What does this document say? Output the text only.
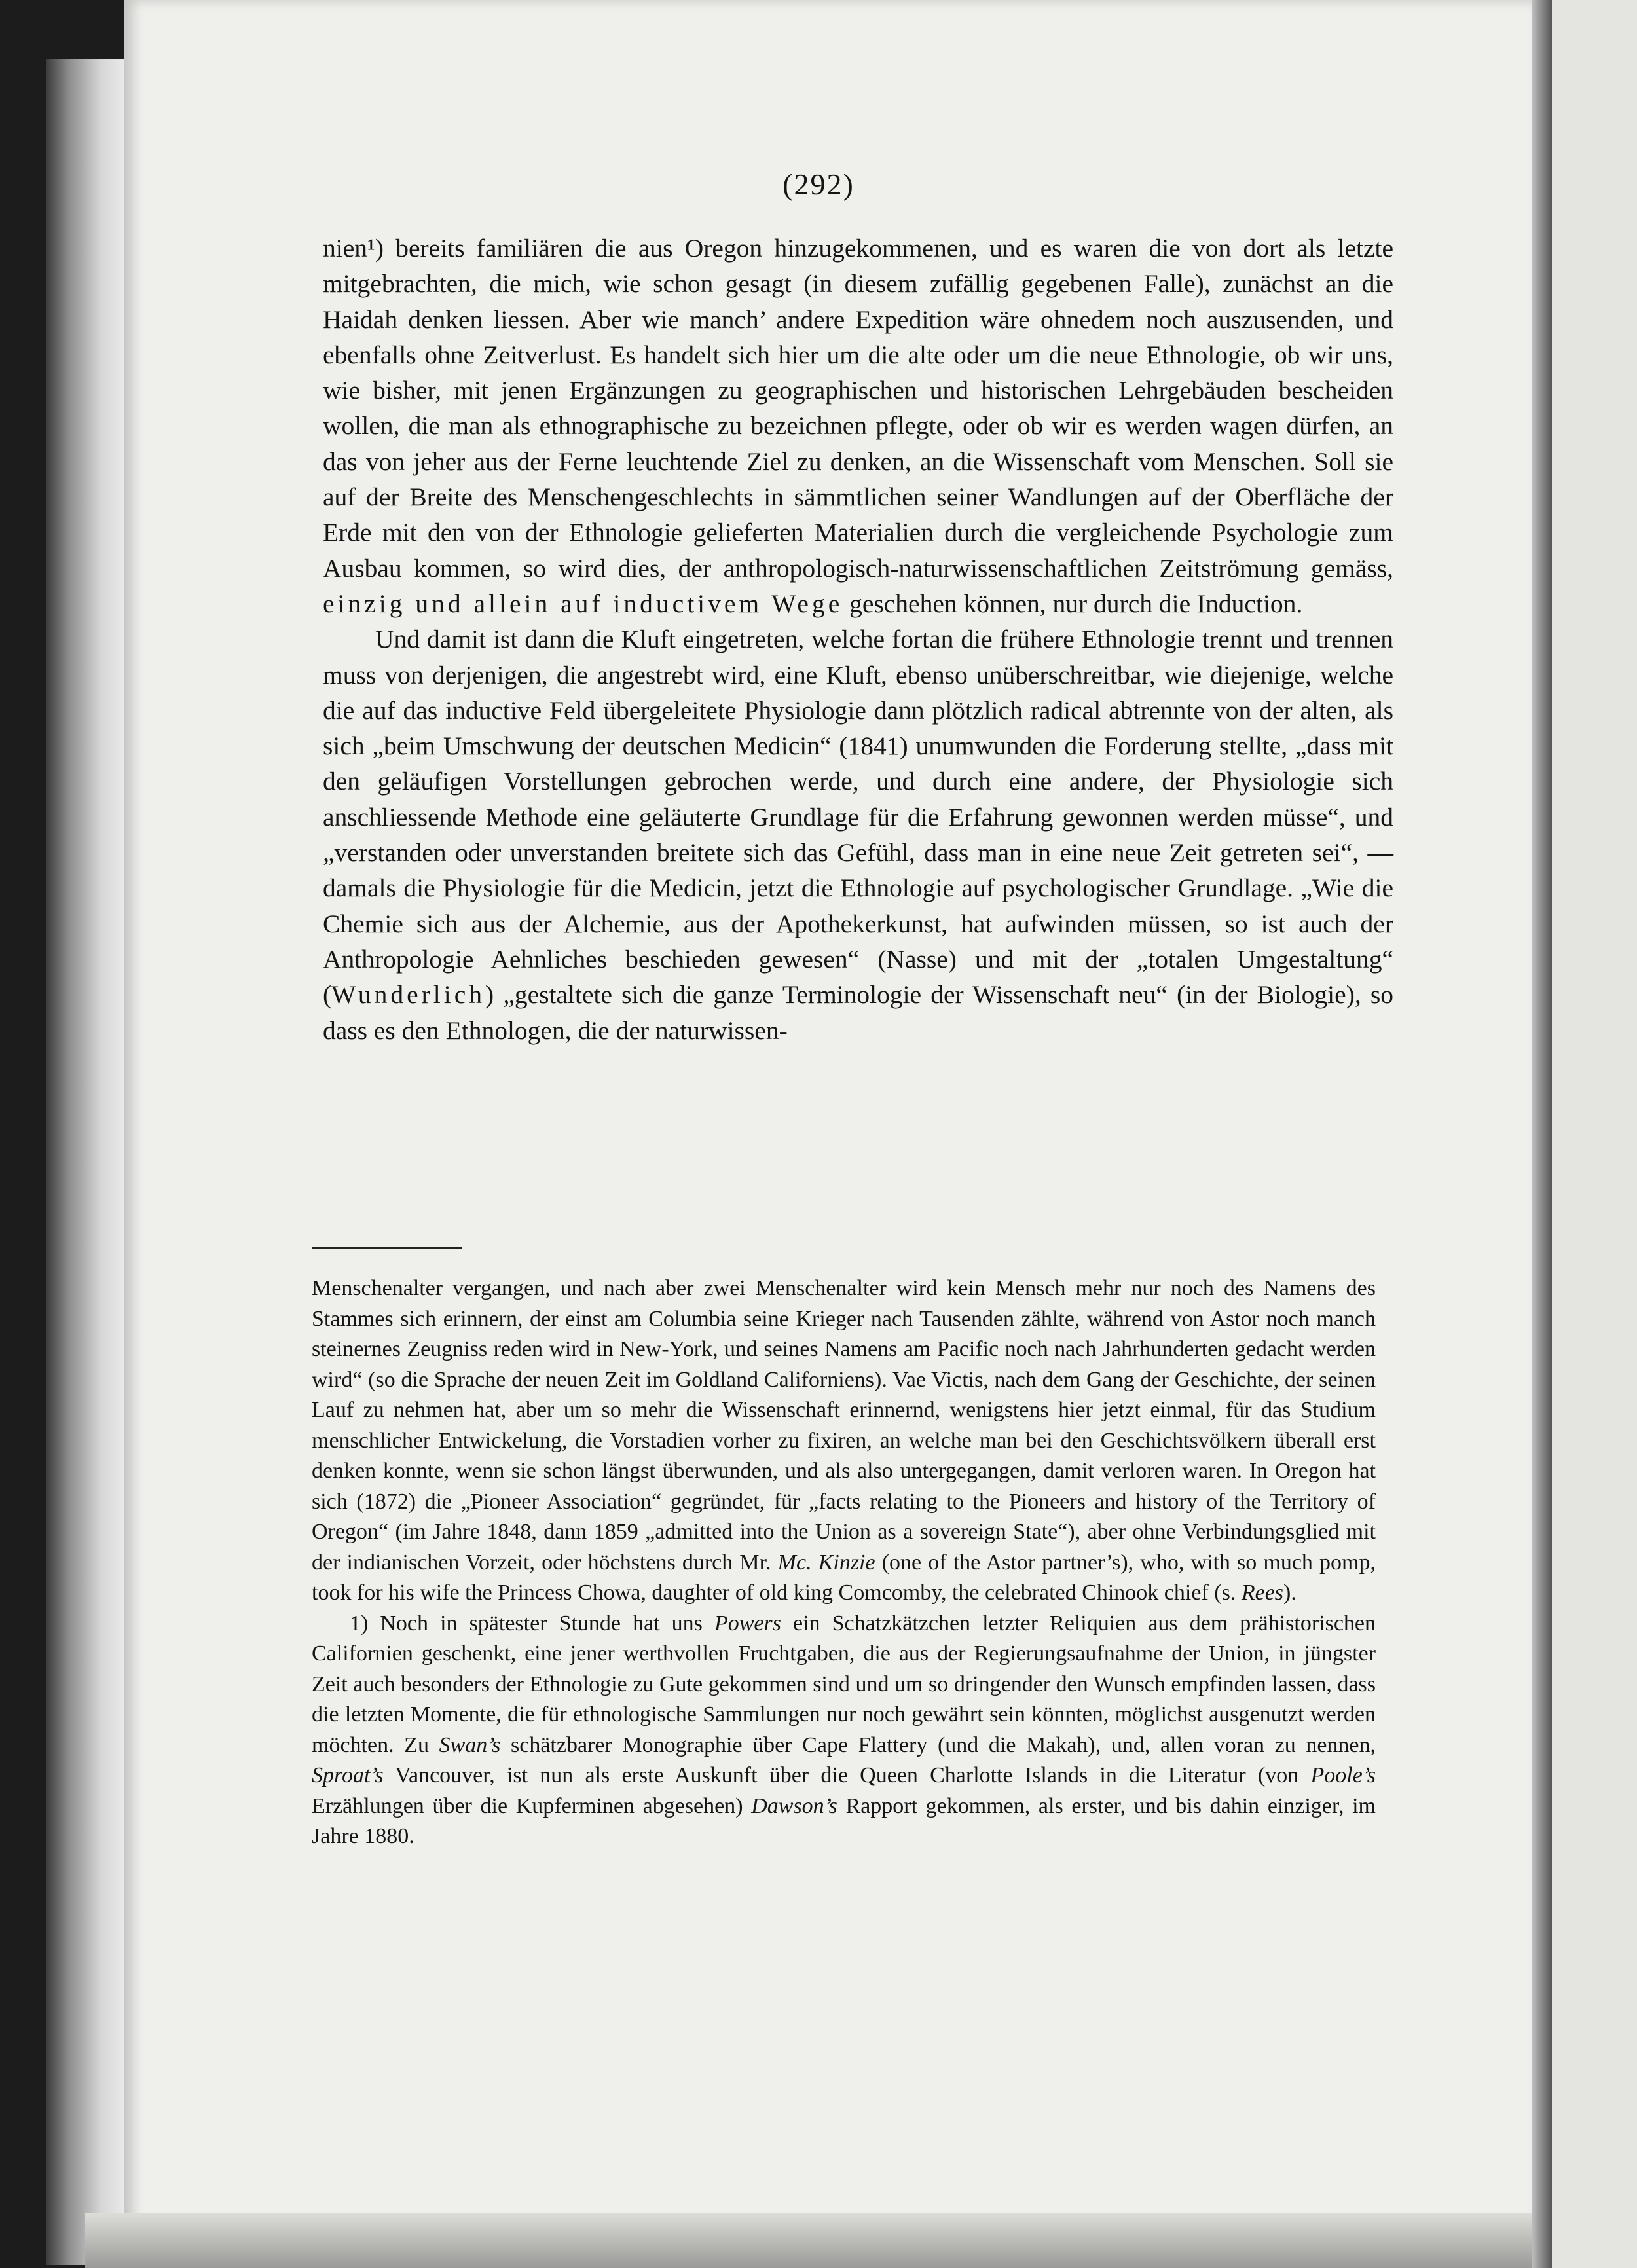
(292)

nien¹) bereits familiären die aus Oregon hinzugekommenen, und es waren die von dort als letzte mitgebrachten, die mich, wie schon gesagt (in diesem zufällig gegebenen Falle), zunächst an die Haidah denken liessen. Aber wie manch’ andere Expedition wäre ohnedem noch auszusenden, und ebenfalls ohne Zeitverlust. Es handelt sich hier um die alte oder um die neue Ethnologie, ob wir uns, wie bisher, mit jenen Ergänzungen zu geographischen und historischen Lehrgebäuden bescheiden wollen, die man als ethnographische zu bezeichnen pflegte, oder ob wir es werden wagen dürfen, an das von jeher aus der Ferne leuchtende Ziel zu denken, an die Wissenschaft vom Menschen. Soll sie auf der Breite des Menschengeschlechts in sämmtlichen seiner Wandlungen auf der Oberfläche der Erde mit den von der Ethnologie gelieferten Materialien durch die vergleichende Psychologie zum Ausbau kommen, so wird dies, der anthropologisch-naturwissenschaftlichen Zeitströmung gemäss, einzig und allein auf inductivem Wege geschehen können, nur durch die Induction.

Und damit ist dann die Kluft eingetreten, welche fortan die frühere Ethnologie trennt und trennen muss von derjenigen, die angestrebt wird, eine Kluft, ebenso unüberschreitbar, wie diejenige, welche die auf das inductive Feld übergeleitete Physiologie dann plötzlich radical abtrennte von der alten, als sich „beim Umschwung der deutschen Medicin“ (1841) unumwunden die Forderung stellte, „dass mit den geläufigen Vorstellungen gebrochen werde, und durch eine andere, der Physiologie sich anschliessende Methode eine geläuterte Grundlage für die Erfahrung gewonnen werden müsse“, und „verstanden oder unverstanden breitete sich das Gefühl, dass man in eine neue Zeit getreten sei“, — damals die Physiologie für die Medicin, jetzt die Ethnologie auf psychologischer Grundlage. „Wie die Chemie sich aus der Alchemie, aus der Apothekerkunst, hat aufwinden müssen, so ist auch der Anthropologie Aehnliches beschieden gewesen“ (Nasse) und mit der „totalen Umgestaltung“ (Wunderlich) „gestaltete sich die ganze Terminologie der Wissenschaft neu“ (in der Biologie), so dass es den Ethnologen, die der naturwissen-

Menschenalter vergangen, und nach aber zwei Menschenalter wird kein Mensch mehr nur noch des Namens des Stammes sich erinnern, der einst am Columbia seine Krieger nach Tausenden zählte, während von Astor noch manch steinernes Zeugniss reden wird in New-York, und seines Namens am Pacific noch nach Jahrhunderten gedacht werden wird“ (so die Sprache der neuen Zeit im Goldland Californiens). Vae Victis, nach dem Gang der Geschichte, der seinen Lauf zu nehmen hat, aber um so mehr die Wissenschaft erinnernd, wenigstens hier jetzt einmal, für das Studium menschlicher Entwickelung, die Vorstadien vorher zu fixiren, an welche man bei den Geschichtsvölkern überall erst denken konnte, wenn sie schon längst überwunden, und als also untergegangen, damit verloren waren. In Oregon hat sich (1872) die „Pioneer Association“ gegründet, für „facts relating to the Pioneers and history of the Territory of Oregon“ (im Jahre 1848, dann 1859 „admitted into the Union as a sovereign State“), aber ohne Verbindungsglied mit der indianischen Vorzeit, oder höchstens durch Mr. Mc. Kinzie (one of the Astor partner’s), who, with so much pomp, took for his wife the Princess Chowa, daughter of old king Comcomby, the celebrated Chinook chief (s. Rees).

1) Noch in spätester Stunde hat uns Powers ein Schatzkätzchen letzter Reliquien aus dem prähistorischen Californien geschenkt, eine jener werthvollen Fruchtgaben, die aus der Regierungsaufnahme der Union, in jüngster Zeit auch besonders der Ethnologie zu Gute gekommen sind und um so dringender den Wunsch empfinden lassen, dass die letzten Momente, die für ethnologische Sammlungen nur noch gewährt sein könnten, möglichst ausgenutzt werden möchten. Zu Swan’s schätzbarer Monographie über Cape Flattery (und die Makah), und, allen voran zu nennen, Sproat’s Vancouver, ist nun als erste Auskunft über die Queen Charlotte Islands in die Literatur (von Poole’s Erzählungen über die Kupferminen abgesehen) Dawson’s Rapport gekommen, als erster, und bis dahin einziger, im Jahre 1880.
